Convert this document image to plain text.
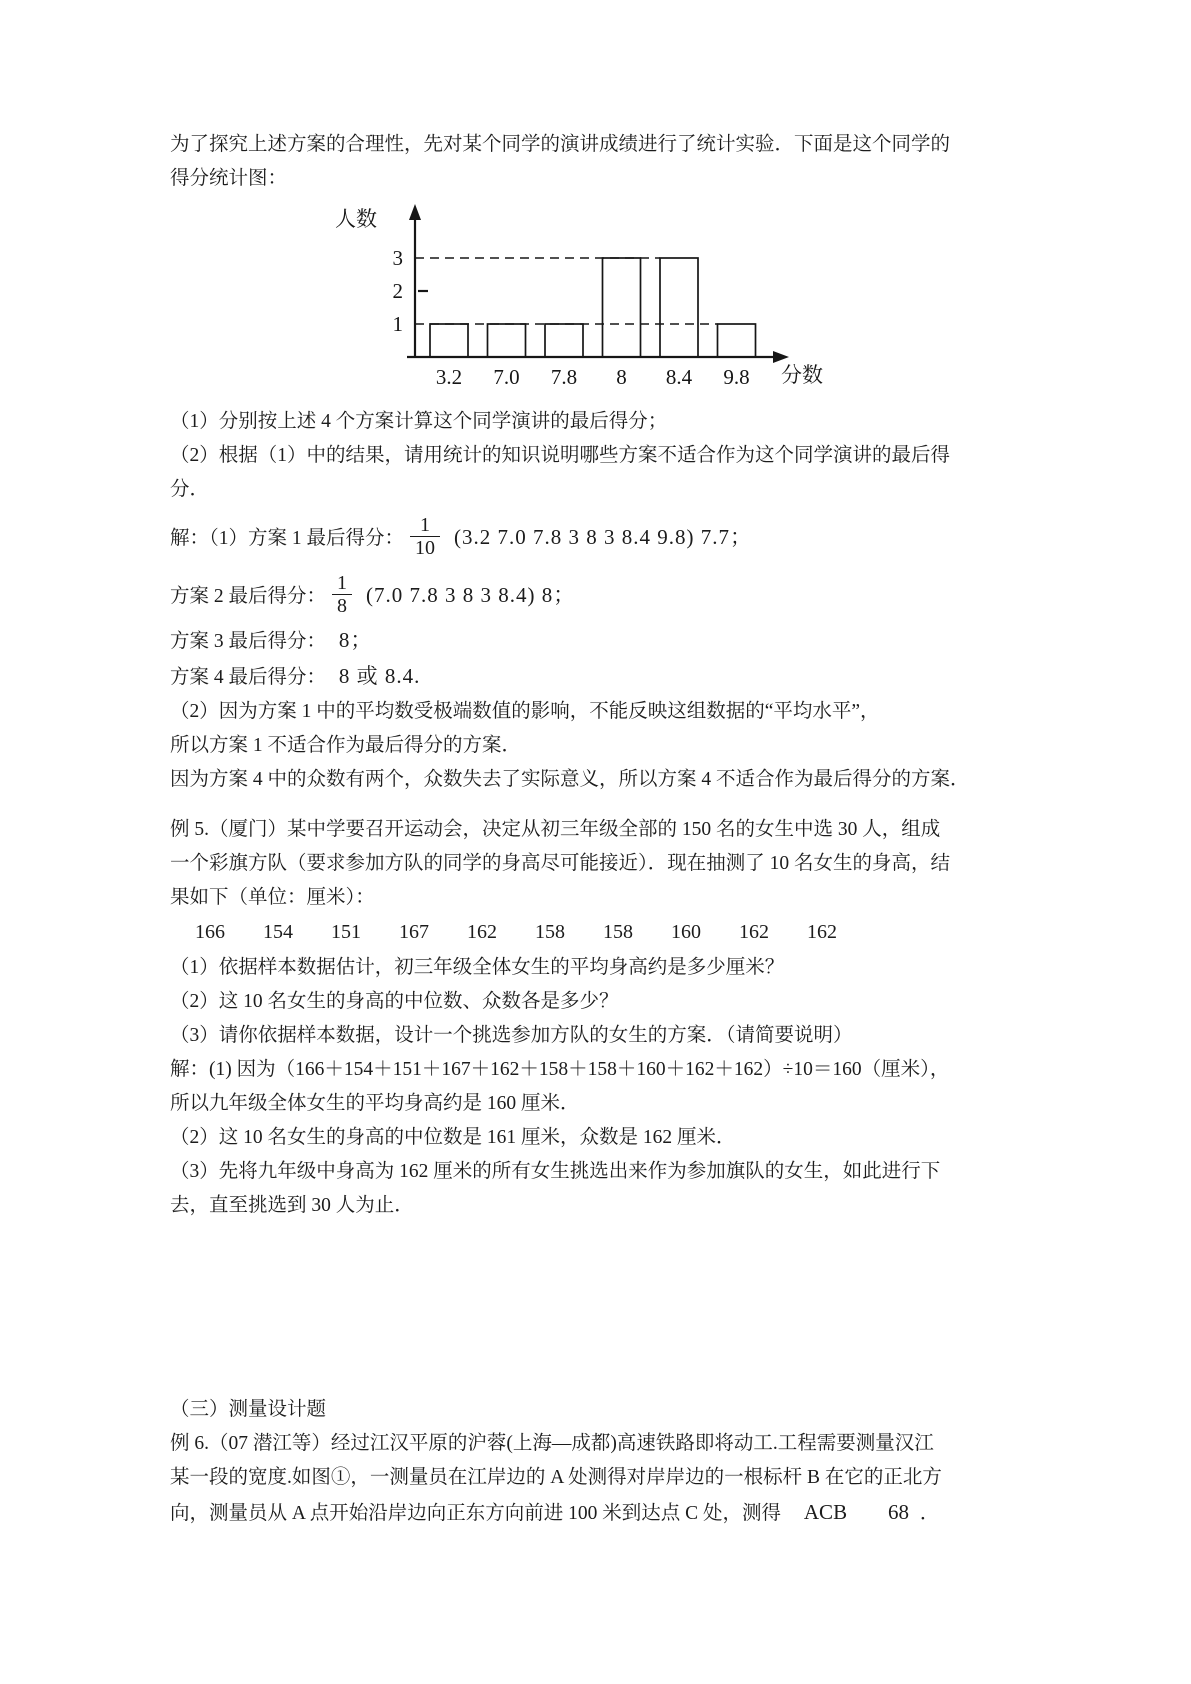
为了探究上述方案的合理性，先对某个同学的演讲成绩进行了统计实验．下面是这个同学的
得分统计图：
1
2
3
3.2 7.0 7.8 8 8.4 9.8
人数
分数
（1）分别按上述 4 个方案计算这个同学演讲的最后得分；
（2）根据（1）中的结果，请用统计的知识说明哪些方案不适合作为这个同学演讲的最后得
分．
解：（1）方案 1 最后得分： $\frac{1}{10} (3.2$ 7.0 7.8 3 8 3 8.4 9.8) 7.7；
方案 2 最后得分： $\frac{1}{8} (7.0$ 7.8 3 8 3 8.4) 8；
方案 3 最后得分： 8；
方案 4 最后得分： 8 或 8.4.
（2）因为方案 1 中的平均数受极端数值的影响，不能反映这组数据的“平均水平”，
所以方案 1 不适合作为最后得分的方案．
因为方案 4 中的众数有两个，众数失去了实际意义，所以方案 4 不适合作为最后得分的方案．
例 5.（厦门）某中学要召开运动会，决定从初三年级全部的 150 名的女生中选 30 人，组成
一个彩旗方队（要求参加方队的同学的身高尽可能接近）．现在抽测了 10 名女生的身高，结
果如下（单位：厘米）：
166 154 151 167 162 158 158 160 162 162
（1）依据样本数据估计，初三年级全体女生的平均身高约是多少厘米？
（2）这 10 名女生的身高的中位数、众数各是多少？
（3）请你依据样本数据，设计一个挑选参加方队的女生的方案．（请简要说明）
解：(1) 因为（166＋154＋151＋167＋162＋158＋158＋160＋162＋162）÷10＝160（厘米），
所以九年级全体女生的平均身高约是 160 厘米．
（2）这 10 名女生的身高的中位数是 161 厘米，众数是 162 厘米．
（3）先将九年级中身高为 162 厘米的所有女生挑选出来作为参加旗队的女生，如此进行下
去，直至挑选到 30 人为止．
（三）测量设计题
例 6.（07 潜江等）经过江汉平原的沪蓉(上海—成都)高速铁路即将动工.工程需要测量汉江
某一段的宽度.如图①，一测量员在江岸边的 A 处测得对岸岸边的一根标杆 B 在它的正北方
向，测量员从 A 点开始沿岸边向正东方向前进 100 米到达点 C 处，测得 ACB 68 ．
